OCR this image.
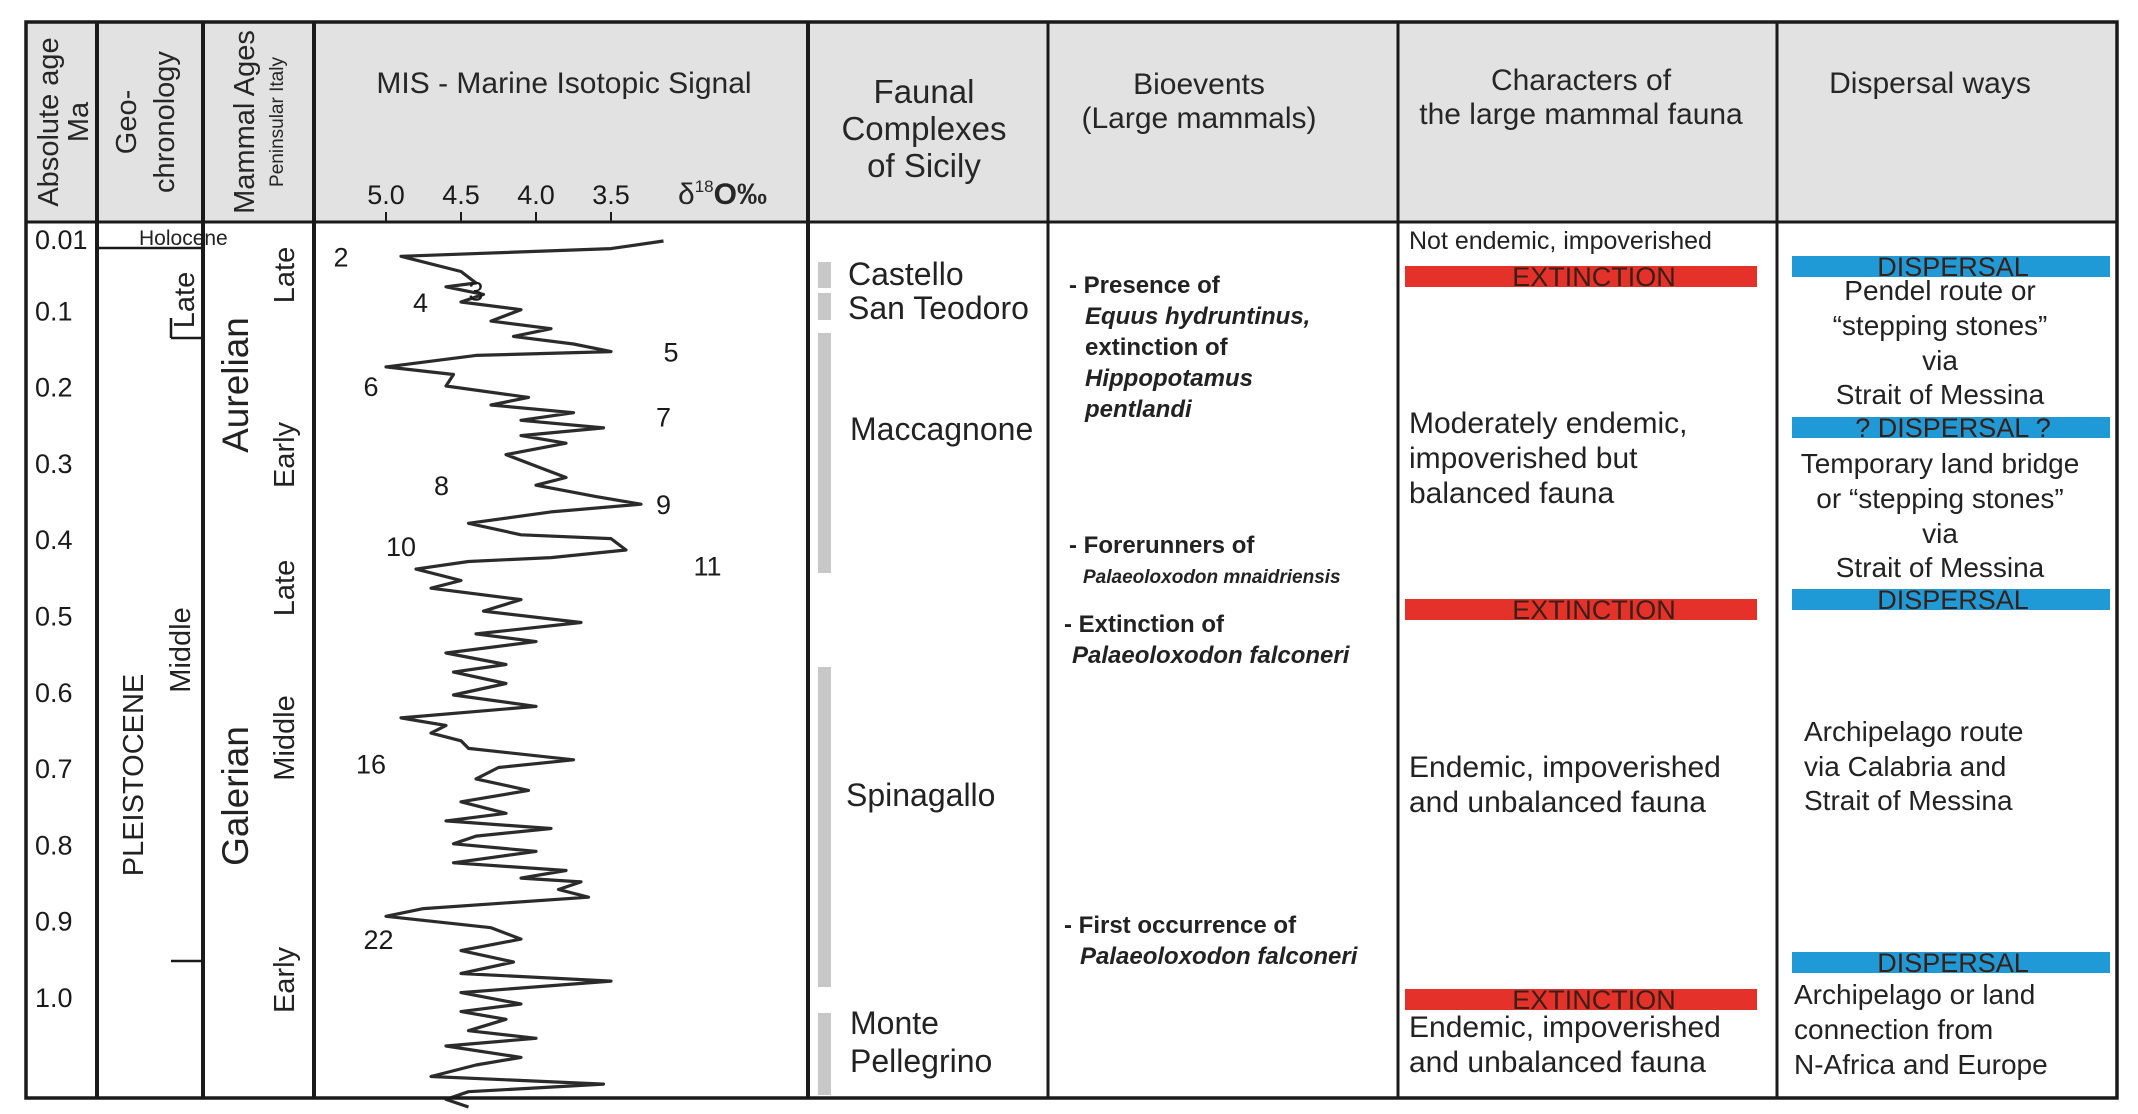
Absolute age
Ma Geo- chronology Mammal Ages Peninsular Italy	MIS - Marine Isotopic Signal	Faunal
Complexes
of Sicily
Bioevents
(Large mammals)
Characters of
the large mammal fauna
Dispersal ways
$\delta^{18}O‰$
5.0 4.5 4.0 3.5
Holocene
PLEISTOCENE
Middle
Late
Aurelian
Galerian
Late
Early
Late
Middle
Early
0.01
0.1
0.2
0.3
0.4
0.5
0.6
0.7
0.8
0.9
1.0
2
3
4
5
6
7
8
9
10
11
16
22
Castello
San Teodoro
Maccagnone
Spinagallo
Monte
Pellegrino
- Presence of
Equus hydruntinus,
extinction of
Hippopotamus
pentlandi
- Forerunners of
Palaeoloxodon mnaidriensis
- Extinction of
Palaeoloxodon falconeri
- First occurrence of
Palaeoloxodon falconeri
Not endemic, impoverished
EXTINCTION
Moderately endemic,
impoverished but
balanced fauna
EXTINCTION
Endemic, impoverished
and unbalanced fauna
EXTINCTION
Endemic, impoverished
and unbalanced fauna
DISPERSAL
Pendel route or
“stepping stones”
via
Strait of Messina
? DISPERSAL ?
Temporary land bridge
or “stepping stones”
via
Strait of Messina
DISPERSAL
Archipelago route
via Calabria and
Strait of Messina
DISPERSAL
Archipelago or land
connection from
N-Africa and Europe
